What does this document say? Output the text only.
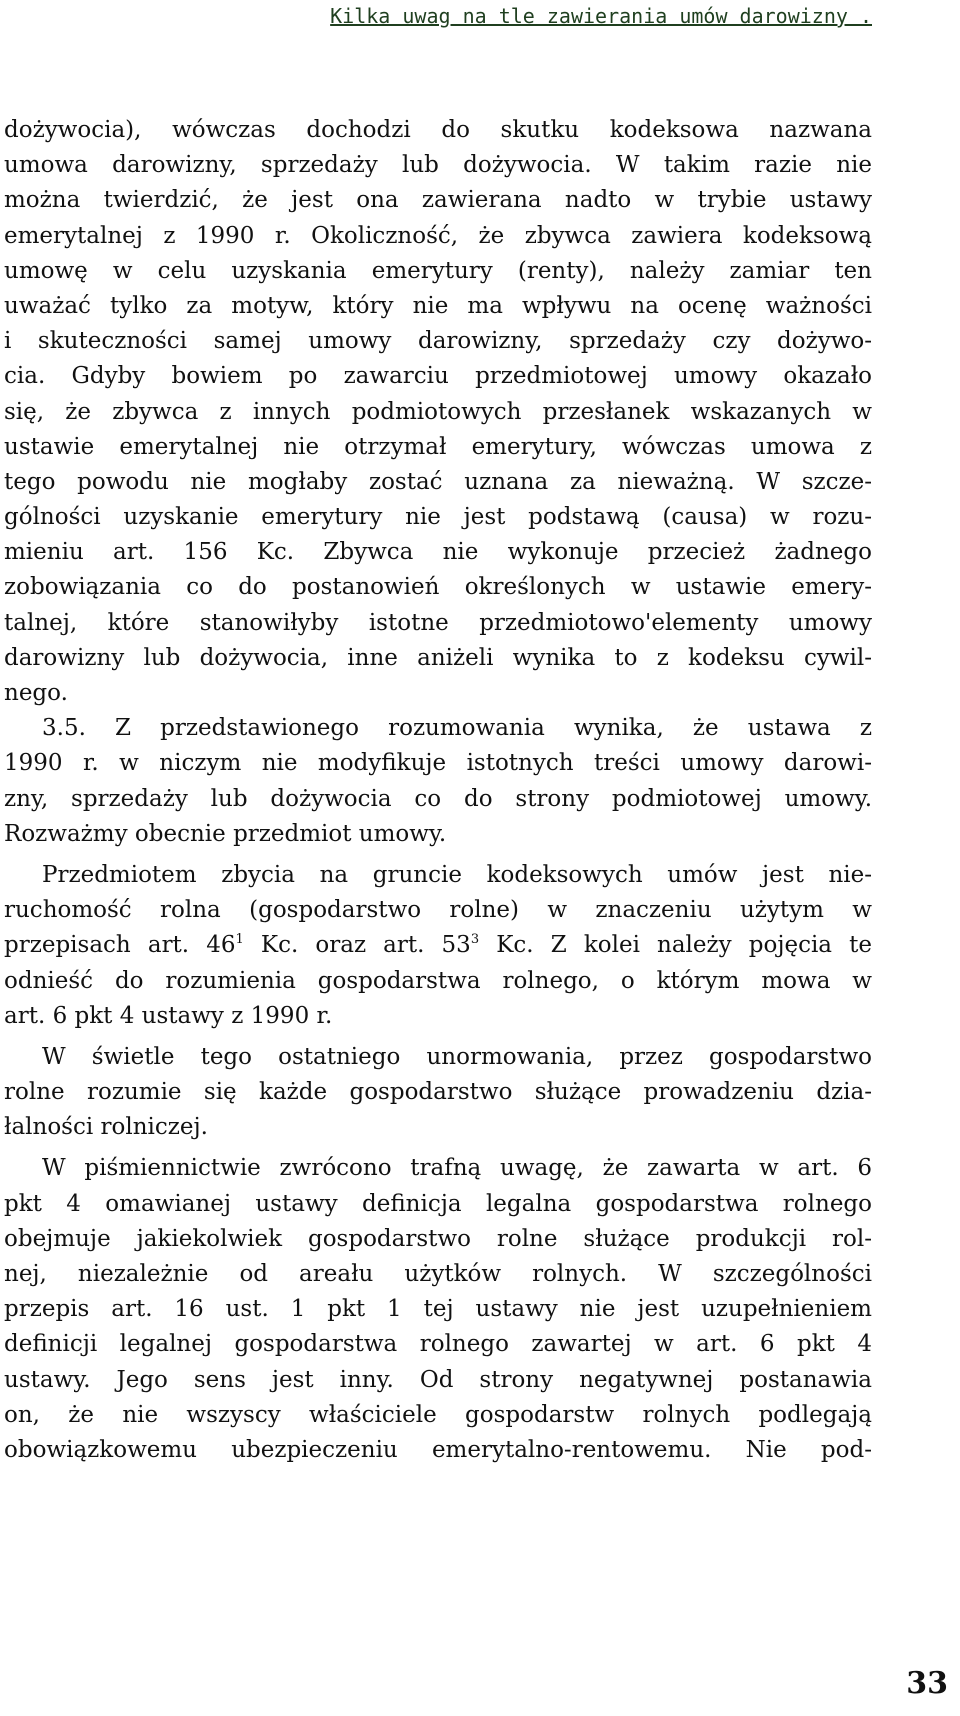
Kilka uwag na tle zawierania umów darowizny .
dożywocia), wówczas dochodzi do skutku kodeksowa nazwana
umowa darowizny, sprzedaży lub dożywocia. W takim razie nie
można twierdzić, że jest ona zawierana nadto w trybie ustawy
emerytalnej z 1990 r. Okoliczność, że zbywca zawiera kodeksową
umowę w celu uzyskania emerytury (renty), należy zamiar ten
uważać tylko za motyw, który nie ma wpływu na ocenę ważności
i skuteczności samej umowy darowizny, sprzedaży czy dożywo-
cia. Gdyby bowiem po zawarciu przedmiotowej umowy okazało
się, że zbywca z innych podmiotowych przesłanek wskazanych w
ustawie emerytalnej nie otrzymał emerytury, wówczas umowa z
tego powodu nie mogłaby zostać uznana za nieważną. W szcze-
gólności uzyskanie emerytury nie jest podstawą (causa) w rozu-
mieniu art. 156 Kc. Zbywca nie wykonuje przecież żadnego
zobowiązania co do postanowień określonych w ustawie emery-
talnej, które stanowiłyby istotne przedmiotowo'elementy umowy
darowizny lub dożywocia, inne aniżeli wynika to z kodeksu cywil-
nego.
3.5. Z przedstawionego rozumowania wynika, że ustawa z
1990 r. w niczym nie modyfikuje istotnych treści umowy darowi-
zny, sprzedaży lub dożywocia co do strony podmiotowej umowy.
Rozważmy obecnie przedmiot umowy.
Przedmiotem zbycia na gruncie kodeksowych umów jest nie-
ruchomość rolna (gospodarstwo rolne) w znaczeniu użytym w
przepisach art. $46^1$ Kc. oraz art. $53^3$ Kc. Z kolei należy pojęcia te
odnieść do rozumienia gospodarstwa rolnego, o którym mowa w
art. 6 pkt 4 ustawy z 1990 r.
W świetle tego ostatniego unormowania, przez gospodarstwo
rolne rozumie się każde gospodarstwo służące prowadzeniu dzia-
łalności rolniczej.
W piśmiennictwie zwrócono trafną uwagę, że zawarta w art. 6
pkt 4 omawianej ustawy definicja legalna gospodarstwa rolnego
obejmuje jakiekolwiek gospodarstwo rolne służące produkcji rol-
nej, niezależnie od areału użytków rolnych. W szczególności
przepis art. 16 ust. 1 pkt 1 tej ustawy nie jest uzupełnieniem
definicji legalnej gospodarstwa rolnego zawartej w art. 6 pkt 4
ustawy. Jego sens jest inny. Od strony negatywnej postanawia
on, że nie wszyscy właściciele gospodarstw rolnych podlegają
obowiązkowemu ubezpieczeniu emerytalno-rentowemu. Nie pod-
33
